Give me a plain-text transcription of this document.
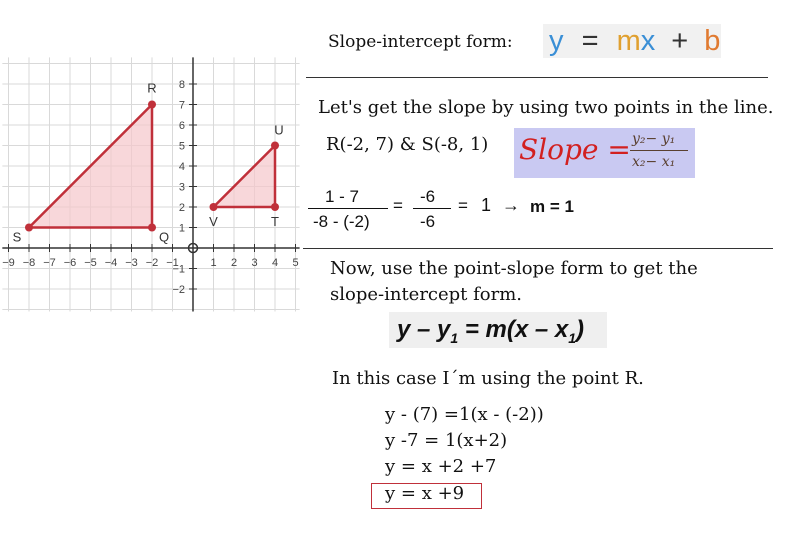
−9 −8 −7 −6 −5 −4 −3 −2 −1	1 2 3 4 5
8
7
6
5
4
3
2
1
−1
−2
R
S	Q
U
V	T
Slope-intercept form: y = mx + b
Let's get the slope by using two points in the line.
R(-2, 7) & S(-8, 1) Slope = y₂− y₁
x₂− x₁
1 - 7
-8 - (-2)
= -6
-6
= 1 → m = 1
Now, use the point-slope form to get the
slope-intercept form.
$y - y_1 = m(x - x_1)$
In this case I´m using the point R.
y - (7) =1(x - (-2))
y -7 = 1(x+2)
y = x +2 +7
y = x +9
